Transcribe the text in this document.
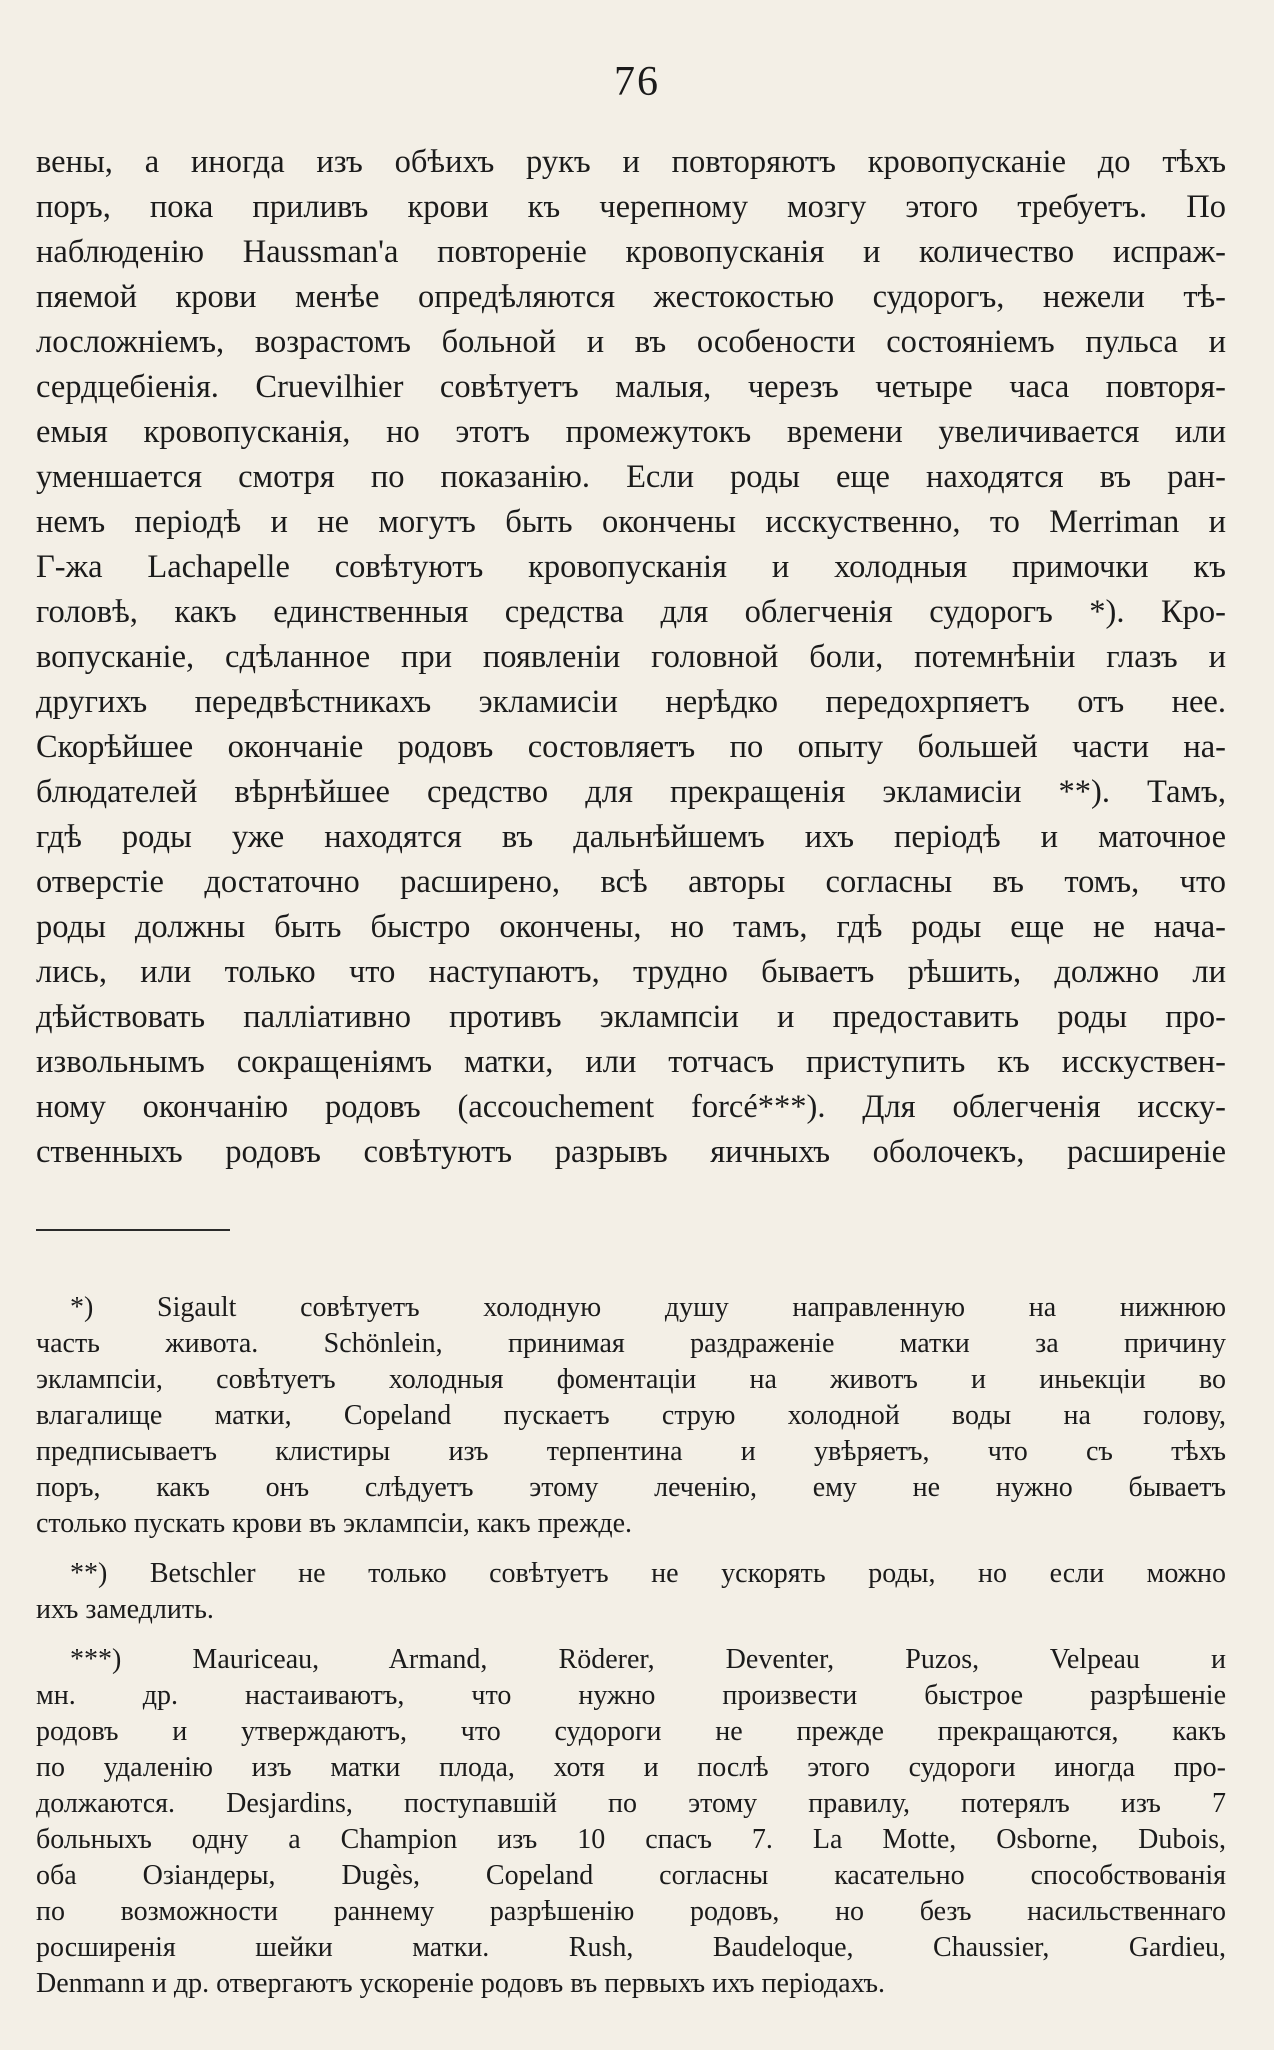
76
вены, а иногда изъ обѣихъ рукъ и повторяютъ кровопусканіе до тѣхъ
поръ, пока приливъ крови къ черепному мозгу этого требуетъ. По
наблюденію Haussman'а повтореніе кровопусканія и количество испраж-
пяемой крови менѣе опредѣляются жестокостью судорогъ, нежели тѣ-
лосложніемъ, возрастомъ больной и въ особености состояніемъ пульса и
сердцебіенія. Cruevilhier совѣтуетъ малыя, черезъ четыре часа повторя-
емыя кровопусканія, но этотъ промежутокъ времени увеличивается или
уменшается смотря по показанію. Если роды еще находятся въ ран-
немъ періодѣ и не могутъ быть окончены исскуственно, то Merriman и
Г-жа Lachapelle совѣтуютъ кровопусканія и холодныя примочки къ
головѣ, какъ единственныя средства для облегченія судорогъ *). Кро-
вопусканіе, сдѣланное при появленіи головной боли, потемнѣніи глазъ и
другихъ передвѣстникахъ экламисіи нерѣдко передохрпяетъ отъ нее.
Скорѣйшее окончаніе родовъ состовляетъ по опыту большей части на-
блюдателей вѣрнѣйшее средство для прекращенія экламисіи **). Тамъ,
гдѣ роды уже находятся въ дальнѣйшемъ ихъ періодѣ и маточное
отверстіе достаточно расширено, всѣ авторы согласны въ томъ, что
роды должны быть быстро окончены, но тамъ, гдѣ роды еще не нача-
лись, или только что наступаютъ, трудно бываетъ рѣшить, должно ли
дѣйствовать палліативно противъ эклампсіи и предоставить роды про-
извольнымъ сокращеніямъ матки, или тотчасъ приступить къ исскуствен-
ному окончанію родовъ (accouchement forcé***). Для облегченія исску-
ственныхъ родовъ совѣтуютъ разрывъ яичныхъ оболочекъ, расширеніе
*) Sigault совѣтуетъ холодную душу направленную на нижнюю
часть живота. Schönlein, принимая раздраженіе матки за причину
эклампсіи, совѣтуетъ холодныя фоментаціи на животъ и иньекціи во
влагалище матки, Copeland пускаетъ струю холодной воды на голову,
предписываетъ клистиры изъ терпентина и увѣряетъ, что съ тѣхъ
поръ, какъ онъ слѣдуетъ этому леченію, ему не нужно бываетъ
столько пускать крови въ эклампсіи, какъ прежде.
**) Betschler не только совѣтуетъ не ускорять роды, но если можно
ихъ замедлить.
***) Mauriceau, Armand, Röderer, Deventer, Puzos, Velpeau и
мн. др. настаиваютъ, что нужно произвести быстрое разрѣшеніе
родовъ и утверждаютъ, что судороги не прежде прекращаются, какъ
по удаленію изъ матки плода, хотя и послѣ этого судороги иногда про-
должаются. Desjardins, поступавшій по этому правилу, потерялъ изъ 7
больныхъ одну а Champion изъ 10 спасъ 7. La Motte, Osborne, Dubois,
оба Озіандеры, Dugès, Copeland согласны касательно способствованія
по возможности раннему разрѣшенію родовъ, но безъ насильственнаго
росширенія шейки матки. Rush, Baudeloque, Chaussier, Gardieu,
Denmann и др. отвергаютъ ускореніе родовъ въ первыхъ ихъ періодахъ.
